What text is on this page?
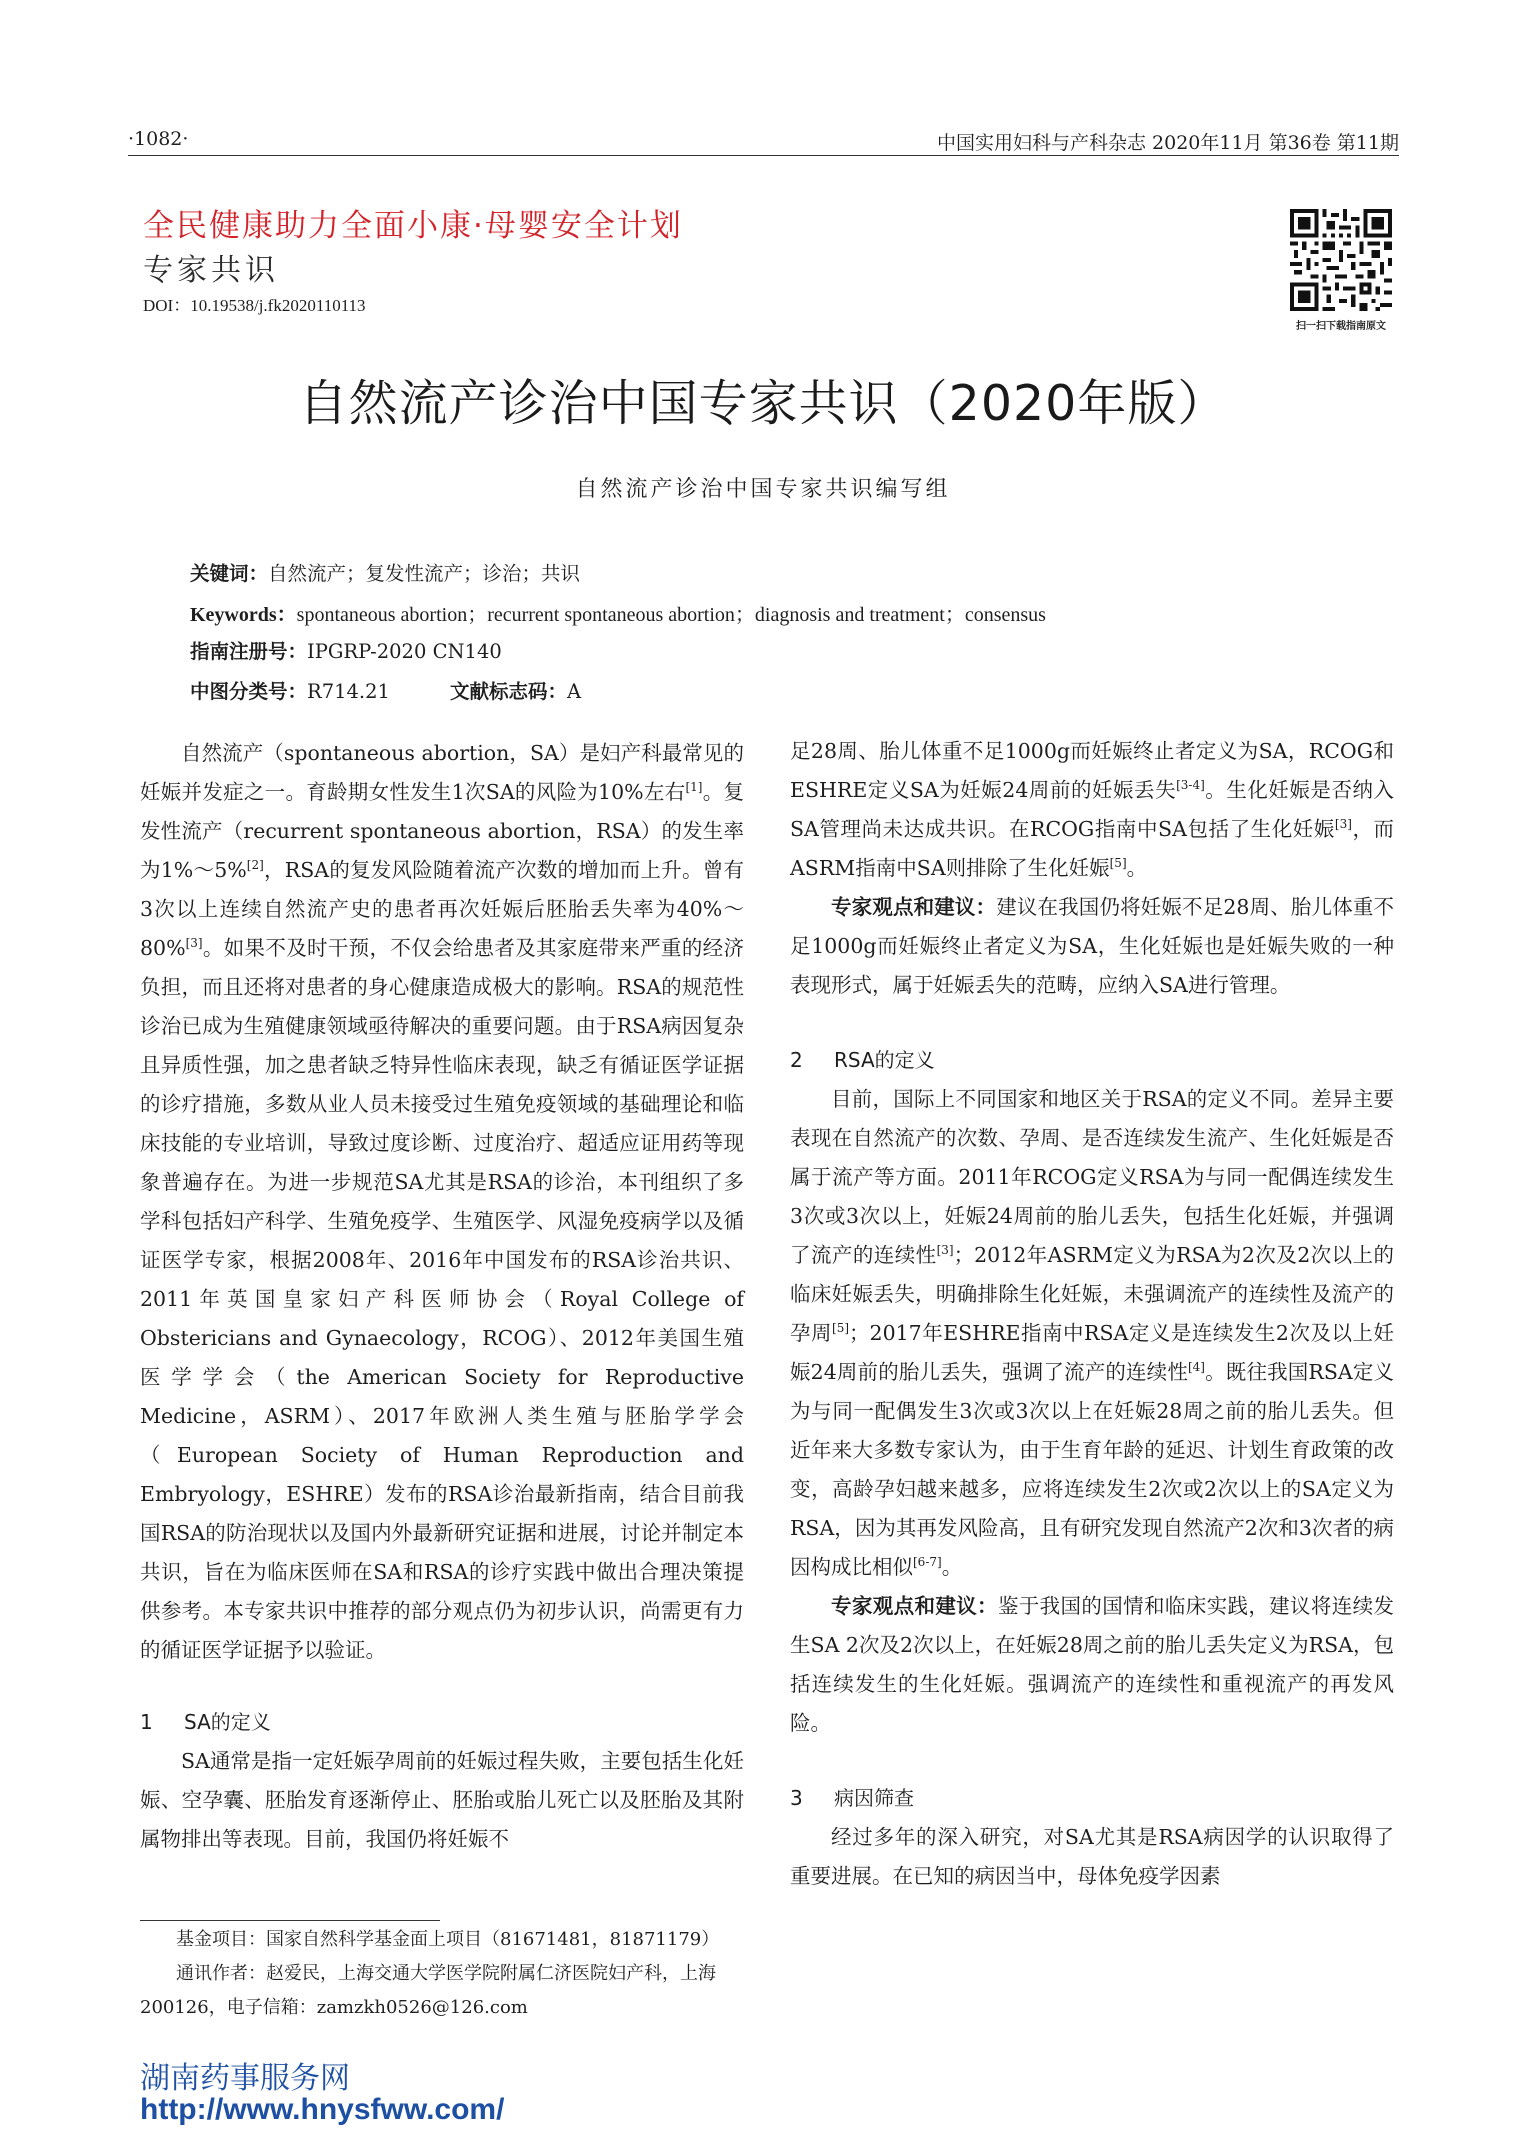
·1082·	中国实用妇科与产科杂志 2020年11月 第36卷 第11期
全民健康助力全面小康·母婴安全计划
专家共识
DOI：10.19538/j.fk2020110113
扫一扫下载指南原文
自然流产诊治中国专家共识（2020年版）
自然流产诊治中国专家共识编写组
关键词：自然流产；复发性流产；诊治；共识
Keywords：spontaneous abortion；recurrent spontaneous abortion；diagnosis and treatment；consensus
指南注册号：IPGRP-2020 CN140
中图分类号：R714.21	文献标志码：A

自然流产（spontaneous abortion，SA）是妇产科最常见的妊娠并发症之一。育龄期女性发生1次SA的风险为10%左右[1]。复发性流产（recurrent spontaneous abortion，RSA）的发生率为1%～5%[2]，RSA的复发风险随着流产次数的增加而上升。曾有3次以上连续自然流产史的患者再次妊娠后胚胎丢失率为40%～80%[3]。如果不及时干预，不仅会给患者及其家庭带来严重的经济负担，而且还将对患者的身心健康造成极大的影响。RSA的规范性诊治已成为生殖健康领域亟待解决的重要问题。由于RSA病因复杂且异质性强，加之患者缺乏特异性临床表现，缺乏有循证医学证据的诊疗措施，多数从业人员未接受过生殖免疫领域的基础理论和临床技能的专业培训，导致过度诊断、过度治疗、超适应证用药等现象普遍存在。为进一步规范SA尤其是RSA的诊治，本刊组织了多学科包括妇产科学、生殖免疫学、生殖医学、风湿免疫病学以及循证医学专家，根据2008年、2016年中国发布的RSA诊治共识、2011年英国皇家妇产科医师协会（Royal College of Obstericians and Gynaecology，RCOG）、2012年美国生殖医学学会（the American Society for Reproductive Medicine，ASRM）、2017年欧洲人类生殖与胚胎学学会（European Society of Human Reproduction and Embryology，ESHRE）发布的RSA诊治最新指南，结合目前我国RSA的防治现状以及国内外最新研究证据和进展，讨论并制定本共识，旨在为临床医师在SA和RSA的诊疗实践中做出合理决策提供参考。本专家共识中推荐的部分观点仍为初步认识，尚需更有力的循证医学证据予以验证。

1 SA的定义

SA通常是指一定妊娠孕周前的妊娠过程失败，主要包括生化妊娠、空孕囊、胚胎发育逐渐停止、胚胎或胎儿死亡以及胚胎及其附属物排出等表现。目前，我国仍将妊娠不

基金项目：国家自然科学基金面上项目（81671481，81871179）
通讯作者：赵爱民，上海交通大学医学院附属仁济医院妇产科，上海 200126，电子信箱：zamzkh0526@126.com

足28周、胎儿体重不足1000g而妊娠终止者定义为SA，RCOG和ESHRE定义SA为妊娠24周前的妊娠丢失[3-4]。生化妊娠是否纳入SA管理尚未达成共识。在RCOG指南中SA包括了生化妊娠[3]，而ASRM指南中SA则排除了生化妊娠[5]。

专家观点和建议：建议在我国仍将妊娠不足28周、胎儿体重不足1000g而妊娠终止者定义为SA，生化妊娠也是妊娠失败的一种表现形式，属于妊娠丢失的范畴，应纳入SA进行管理。

2 RSA的定义

目前，国际上不同国家和地区关于RSA的定义不同。差异主要表现在自然流产的次数、孕周、是否连续发生流产、生化妊娠是否属于流产等方面。2011年RCOG定义RSA为与同一配偶连续发生3次或3次以上，妊娠24周前的胎儿丢失，包括生化妊娠，并强调了流产的连续性[3]；2012年ASRM定义为RSA为2次及2次以上的临床妊娠丢失，明确排除生化妊娠，未强调流产的连续性及流产的孕周[5]；2017年ESHRE指南中RSA定义是连续发生2次及以上妊娠24周前的胎儿丢失，强调了流产的连续性[4]。既往我国RSA定义为与同一配偶发生3次或3次以上在妊娠28周之前的胎儿丢失。但近年来大多数专家认为，由于生育年龄的延迟、计划生育政策的改变，高龄孕妇越来越多，应将连续发生2次或2次以上的SA定义为RSA，因为其再发风险高，且有研究发现自然流产2次和3次者的病因构成比相似[6-7]。

专家观点和建议：鉴于我国的国情和临床实践，建议将连续发生SA 2次及2次以上，在妊娠28周之前的胎儿丢失定义为RSA，包括连续发生的生化妊娠。强调流产的连续性和重视流产的再发风险。

3 病因筛查

经过多年的深入研究，对SA尤其是RSA病因学的认识取得了重要进展。在已知的病因当中，母体免疫学因素

湖南药事服务网
http://www.hnysfww.com/
